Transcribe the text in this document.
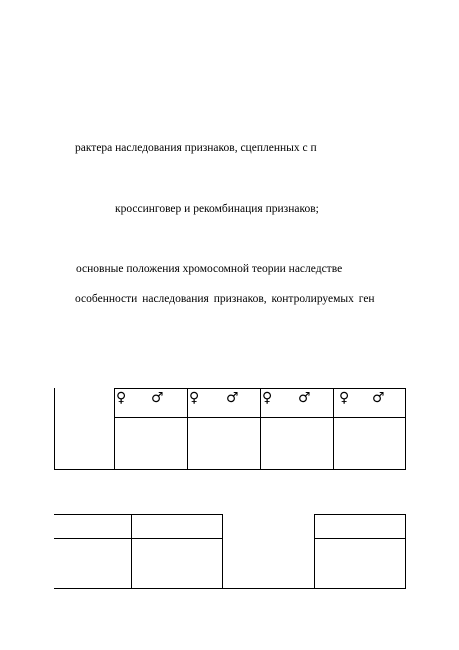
рактера наследования признаков, сцепленных с п
кроссинговер и рекомбинация признаков;
основные положения хромосомной теории наследстве
особенности наследования признаков, контролируемых ген
♀ ♂ ♀ ♂ ♀ ♂ ♀ ♂
